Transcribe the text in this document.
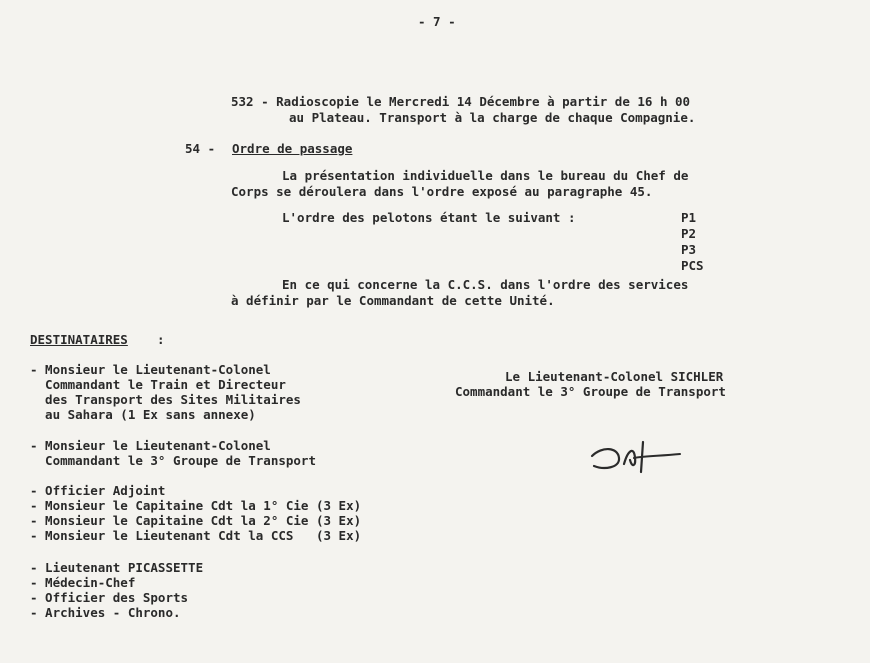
- 7 -
532 - Radioscopie le Mercredi 14 Décembre à partir de 16 h 00
au Plateau. Transport à la charge de chaque Compagnie.
54 - Ordre de passage
La présentation individuelle dans le bureau du Chef de
Corps se déroulera dans l'ordre exposé au paragraphe 45.
L'ordre des pelotons étant le suivant :	P1
P2
P3
PCS
En ce qui concerne la C.C.S. dans l'ordre des services
à définir par le Commandant de cette Unité.
DESTINATAIRES :
- Monsieur le Lieutenant-Colonel
Commandant le Train et Directeur
des Transport des Sites Militaires
au Sahara (1 Ex sans annexe)
- Monsieur le Lieutenant-Colonel
Commandant le 3° Groupe de Transport
- Officier Adjoint
- Monsieur le Capitaine Cdt la 1° Cie (3 Ex)
- Monsieur le Capitaine Cdt la 2° Cie (3 Ex)
- Monsieur le Lieutenant Cdt la CCS   (3 Ex)
- Lieutenant PICASSETTE
- Médecin-Chef
- Officier des Sports
- Archives - Chrono.
Le Lieutenant-Colonel SICHLER
Commandant le 3° Groupe de Transport
